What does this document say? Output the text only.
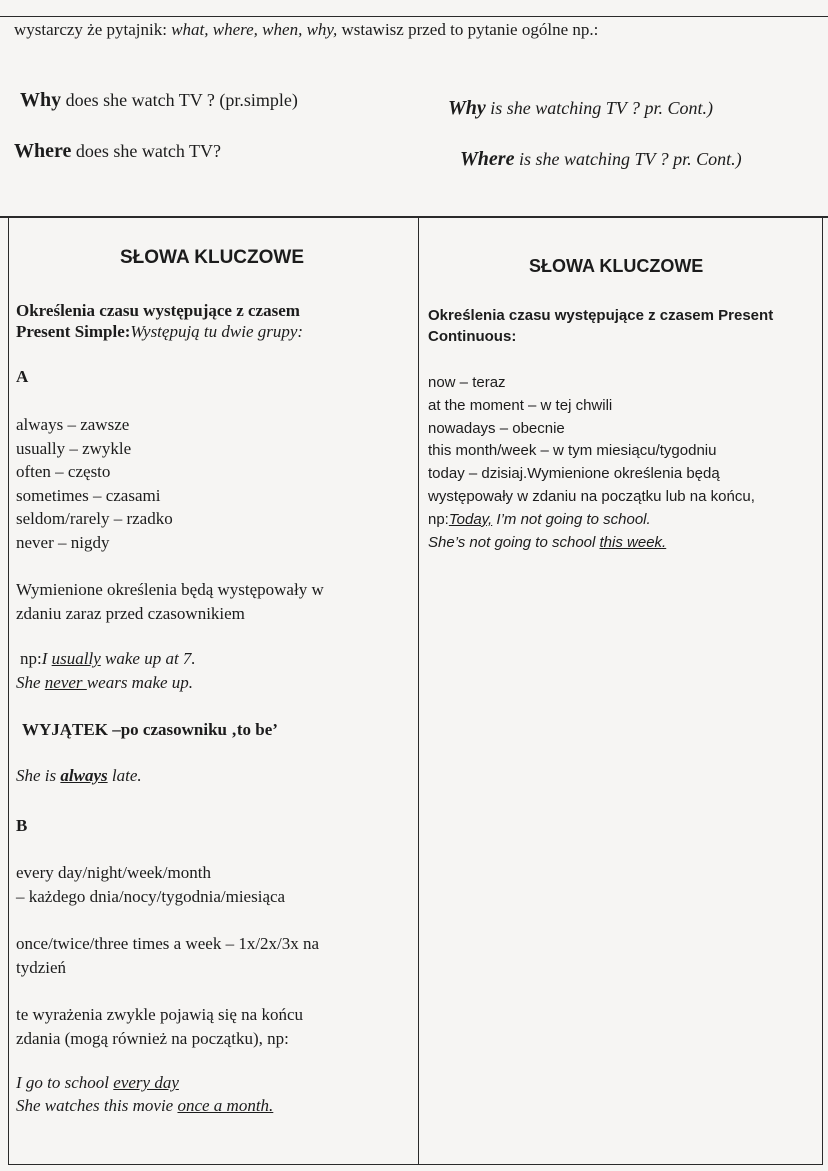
wystarczy że pytajnik: what, where, when, why, wstawisz przed to pytanie ogólne np.:
Why does she watch TV ? (pr.simple)
Where does she watch TV?
Why is she watching TV ? pr. Cont.)
Where is she watching TV ? pr. Cont.)
SŁOWA KLUCZOWE
Określenia czasu występujące z czasem
Present Simple:Występują tu dwie grupy:
A
always – zawsze
usually – zwykle
often – często
sometimes – czasami
seldom/rarely – rzadko
never – nigdy
Wymienione określenia będą występowały w
zdaniu zaraz przed czasownikiem
np:I usually wake up at 7.
She never wears make up.
WYJĄTEK –po czasowniku ‚to be’
She is always late.
B
every day/night/week/month
– każdego dnia/nocy/tygodnia/miesiąca
once/twice/three times a week – 1x/2x/3x na
tydzień
te wyrażenia zwykle pojawią się na końcu
zdania (mogą również na początku), np:
I go to school every day
She watches this movie once a month.
SŁOWA KLUCZOWE
Określenia czasu występujące z czasem Present
Continuous:
now – teraz
at the moment – w tej chwili
nowadays – obecnie
this month/week – w tym miesiącu/tygodniu
today – dzisiaj.Wymienione określenia będą
występowały w zdaniu na początku lub na końcu,
np:Today, I’m not going to school.
She’s not going to school this week.
